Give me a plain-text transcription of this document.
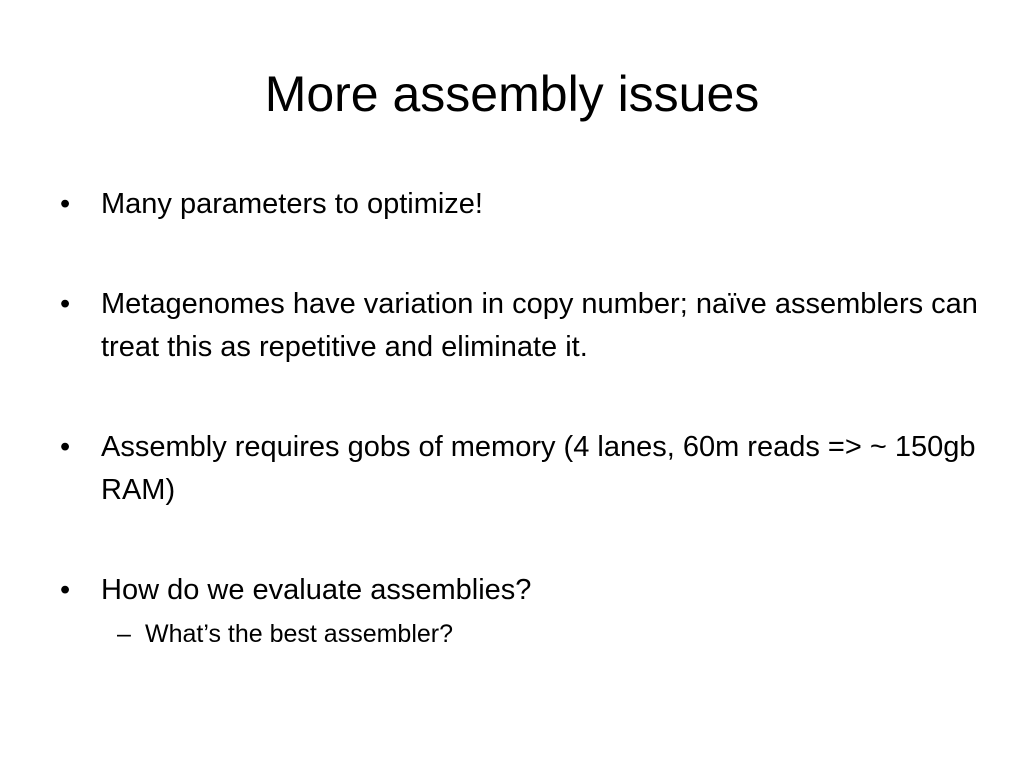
More assembly issues
• Many parameters to optimize!
• Metagenomes have variation in copy number; naïve assemblers can treat this as repetitive and eliminate it.
• Assembly requires gobs of memory (4 lanes, 60m reads => ~ 150gb RAM)
• How do we evaluate assemblies?
– What’s the best assembler?
